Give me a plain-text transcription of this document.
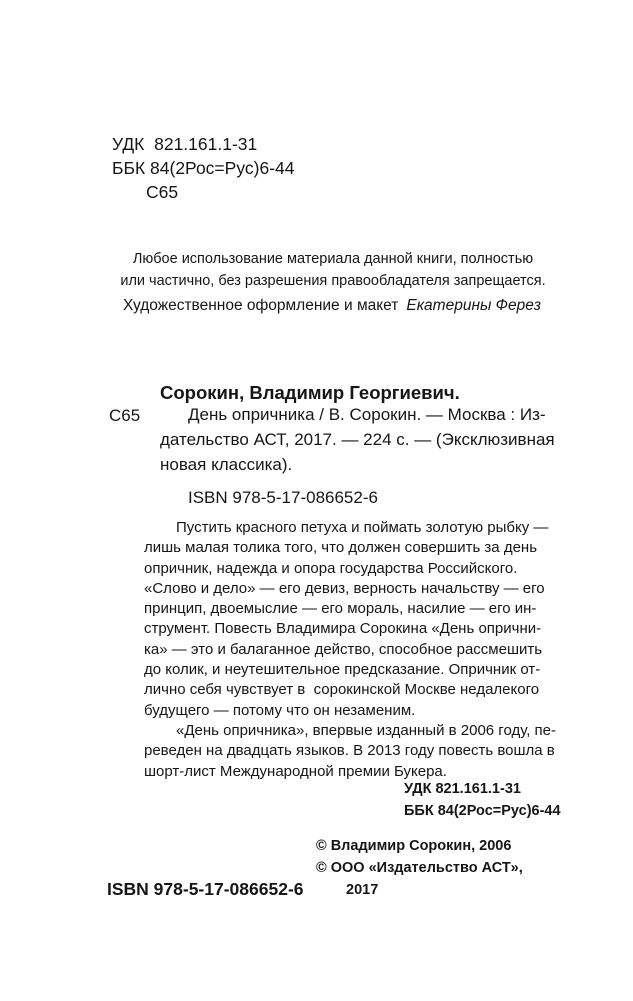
УДК  821.161.1-31
ББК 84(2Рос=Рус)6-44
С65
Любое использование материала данной книги, полностью
или частично, без разрешения правообладателя запрещается.
Художественное оформление и макет Екатерины Ферез
Сорокин, Владимир Георгиевич.
С65	День опричника / В. Сорокин. — Москва : Из-
дательство АСТ, 2017. — 224 с. — (Эксклюзивная
новая классика).
ISBN 978-5-17-086652-6

Пустить красного петуха и поймать золотую рыбку —

лишь малая толика того, что должен совершить за день

опричник, надежда и опора государства Российского.

«Слово и дело» — его девиз, верность начальству — его

принцип, двоемыслие — его мораль, насилие — его ин-

струмент. Повесть Владимира Сорокина «День опрични-

ка» — это и балаганное действо, способное рассмешить

до колик, и неутешительное предсказание. Опричник от-

лично себя чувствует в  сорокинской Москве недалекого

будущего — потому что он незаменим.

«День опричника», впервые изданный в 2006 году, пе-

реведен на двадцать языков. В 2013 году повесть вошла в

шорт-лист Международной премии Букера.

УДК 821.161.1-31
ББК 84(2Рос=Рус)6-44
© Владимир Сорокин, 2006
© ООО «Издательство АСТ»,
2017
ISBN 978-5-17-086652-6
